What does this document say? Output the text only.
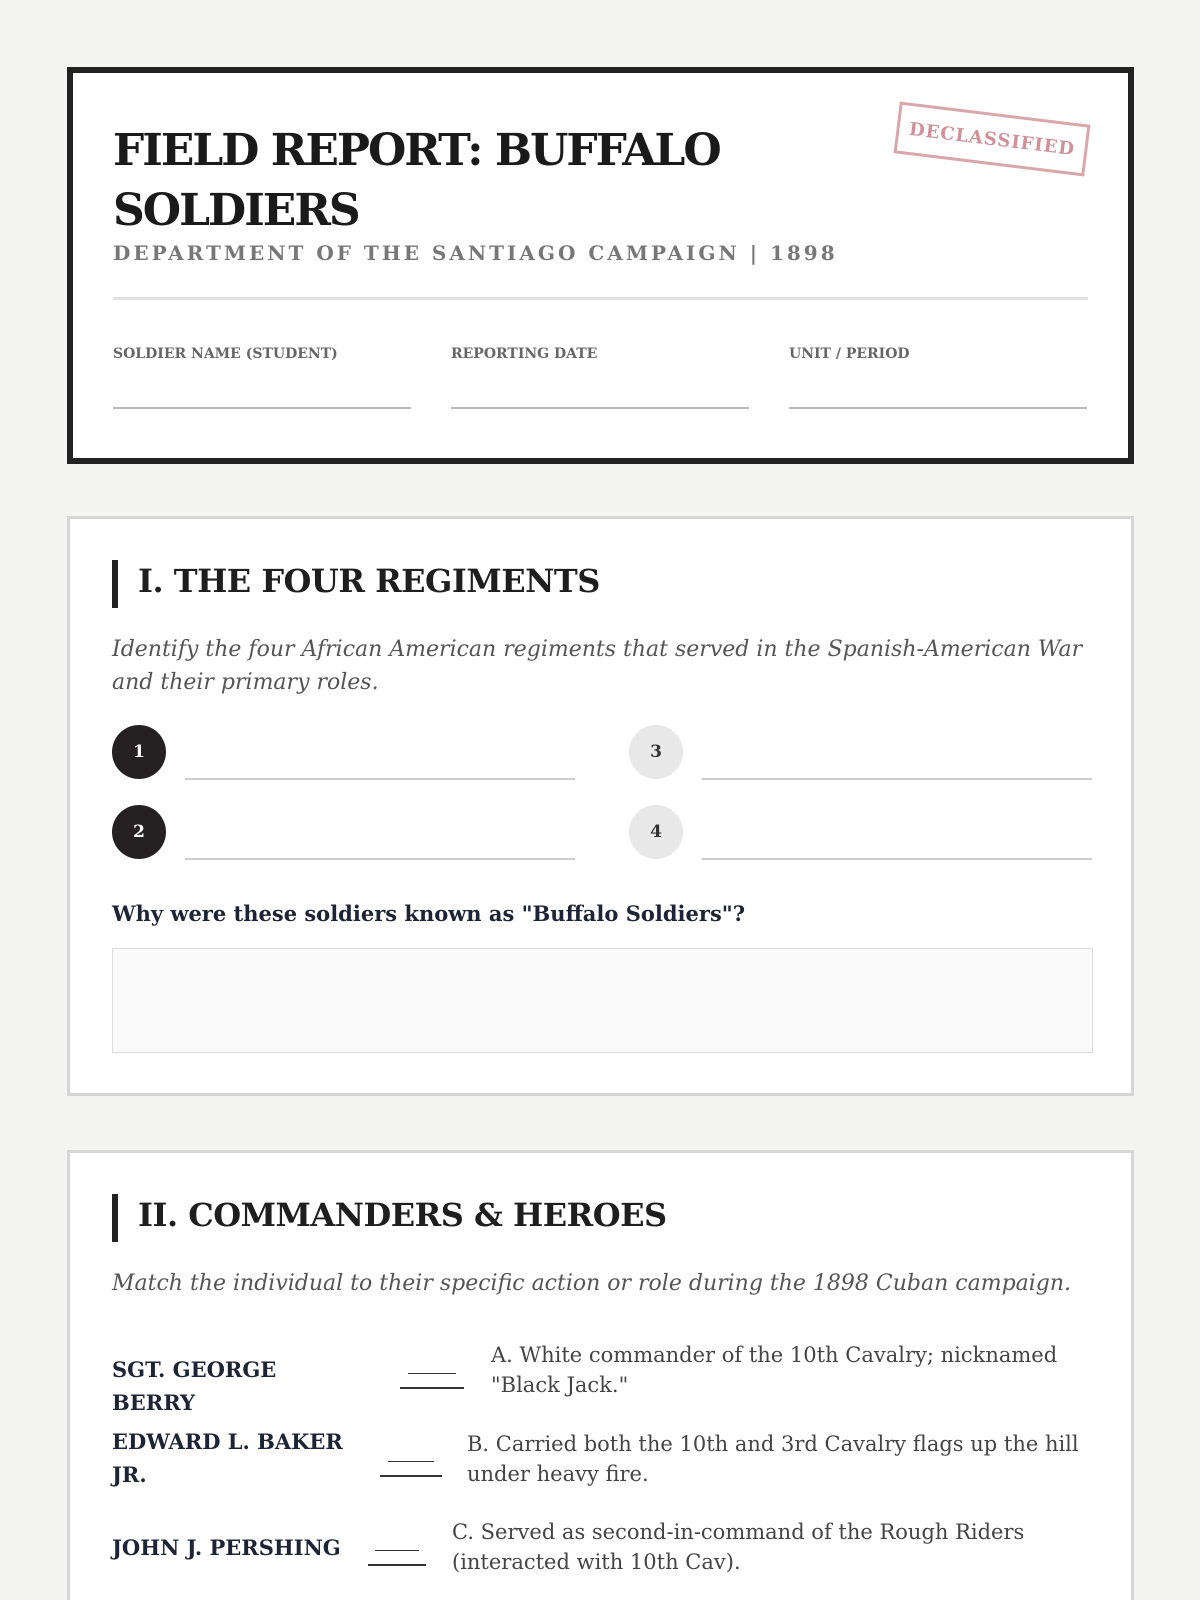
FIELD REPORT: BUFFALO SOLDIERS
DECLASSIFIED
DEPARTMENT OF THE SANTIAGO CAMPAIGN | 1898
SOLDIER NAME (STUDENT)	REPORTING DATE	UNIT / PERIOD
I. THE FOUR REGIMENTS
Identify the four African American regiments that served in the Spanish-American War and their primary roles.
1
2
3
4
Why were these soldiers known as "Buffalo Soldiers"?
II. COMMANDERS & HEROES
Match the individual to their specific action or role during the 1898 Cuban campaign.
SGT. GEORGE BERRY
A. White commander of the 10th Cavalry; nicknamed "Black Jack."
EDWARD L. BAKER JR.
B. Carried both the 10th and 3rd Cavalry flags up the hill under heavy fire.
JOHN J. PERSHING
C. Served as second-in-command of the Rough Riders (interacted with 10th Cav).
